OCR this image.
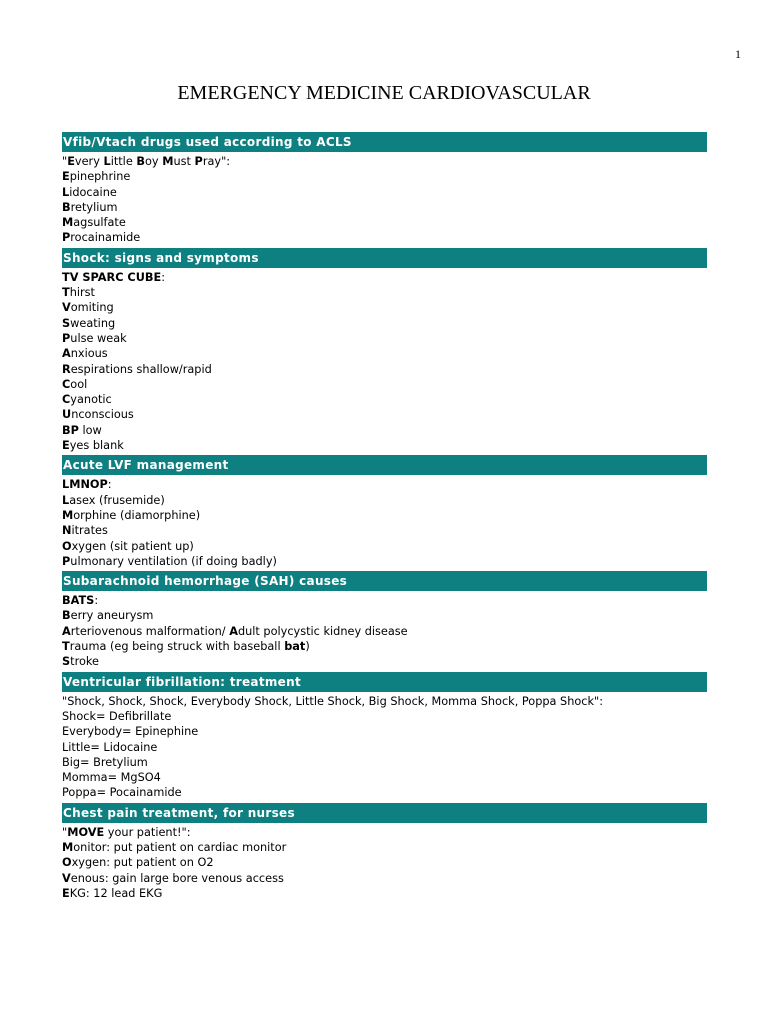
1
EMERGENCY MEDICINE CARDIOVASCULAR
Vfib/Vtach drugs used according to ACLS
"Every Little Boy Must Pray":
Epinephrine
Lidocaine
Bretylium
Magsulfate
Procainamide
Shock: signs and symptoms
TV SPARC CUBE:
Thirst
Vomiting
Sweating
Pulse weak
Anxious
Respirations shallow/rapid
Cool
Cyanotic
Unconscious
BP low
Eyes blank
Acute LVF management
LMNOP:
Lasex (frusemide)
Morphine (diamorphine)
Nitrates
Oxygen (sit patient up)
Pulmonary ventilation (if doing badly)
Subarachnoid hemorrhage (SAH) causes
BATS:
Berry aneurysm
Arteriovenous malformation/ Adult polycystic kidney disease
Trauma (eg being struck with baseball bat)
Stroke
Ventricular fibrillation: treatment
"Shock, Shock, Shock, Everybody Shock, Little Shock, Big Shock, Momma Shock, Poppa Shock":
Shock= Defibrillate
Everybody= Epinephine
Little= Lidocaine
Big= Bretylium
Momma= MgSO4
Poppa= Pocainamide
Chest pain treatment, for nurses
"MOVE your patient!":
Monitor: put patient on cardiac monitor
Oxygen: put patient on O2
Venous: gain large bore venous access
EKG: 12 lead EKG
